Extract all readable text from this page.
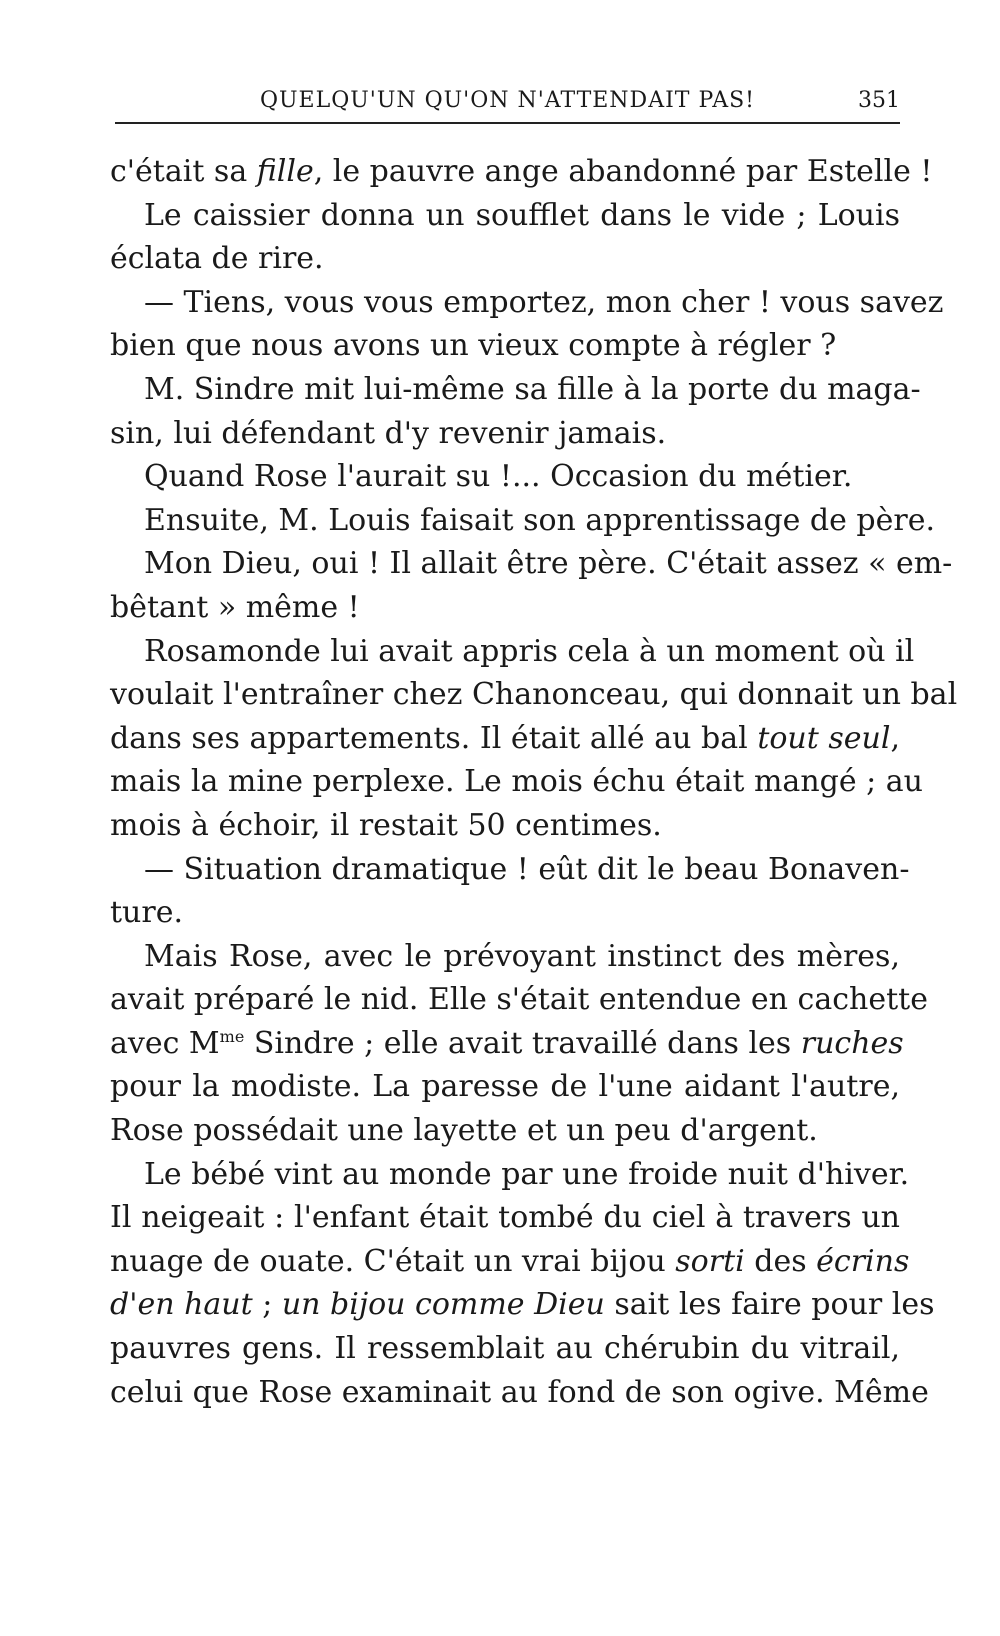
QUELQU'UN QU'ON N'ATTENDAIT PAS!	351
c'était sa fille, le pauvre ange abandonné par Estelle !
Le caissier donna un soufflet dans le vide ; Louis
éclata de rire.
— Tiens, vous vous emportez, mon cher ! vous savez
bien que nous avons un vieux compte à régler ?
M. Sindre mit lui-même sa fille à la porte du maga-
sin, lui défendant d'y revenir jamais.
Quand Rose l'aurait su !... Occasion du métier.
Ensuite, M. Louis faisait son apprentissage de père.
Mon Dieu, oui ! Il allait être père. C'était assez « em-
bêtant » même !
Rosamonde lui avait appris cela à un moment où il
voulait l'entraîner chez Chanonceau, qui donnait un bal
dans ses appartements. Il était allé au bal tout seul,
mais la mine perplexe. Le mois échu était mangé ; au
mois à échoir, il restait 50 centimes.
— Situation dramatique ! eût dit le beau Bonaven-
ture.
Mais Rose, avec le prévoyant instinct des mères,
avait préparé le nid. Elle s'était entendue en cachette
avec $M^{me}$ Sindre ; elle avait travaillé dans les ruches
pour la modiste. La paresse de l'une aidant l'autre,
Rose possédait une layette et un peu d'argent.
Le bébé vint au monde par une froide nuit d'hiver.
Il neigeait : l'enfant était tombé du ciel à travers un
nuage de ouate. C'était un vrai bijou sorti des écrins
d'en haut ; un bijou comme Dieu sait les faire pour les
pauvres gens. Il ressemblait au chérubin du vitrail,
celui que Rose examinait au fond de son ogive. Même
